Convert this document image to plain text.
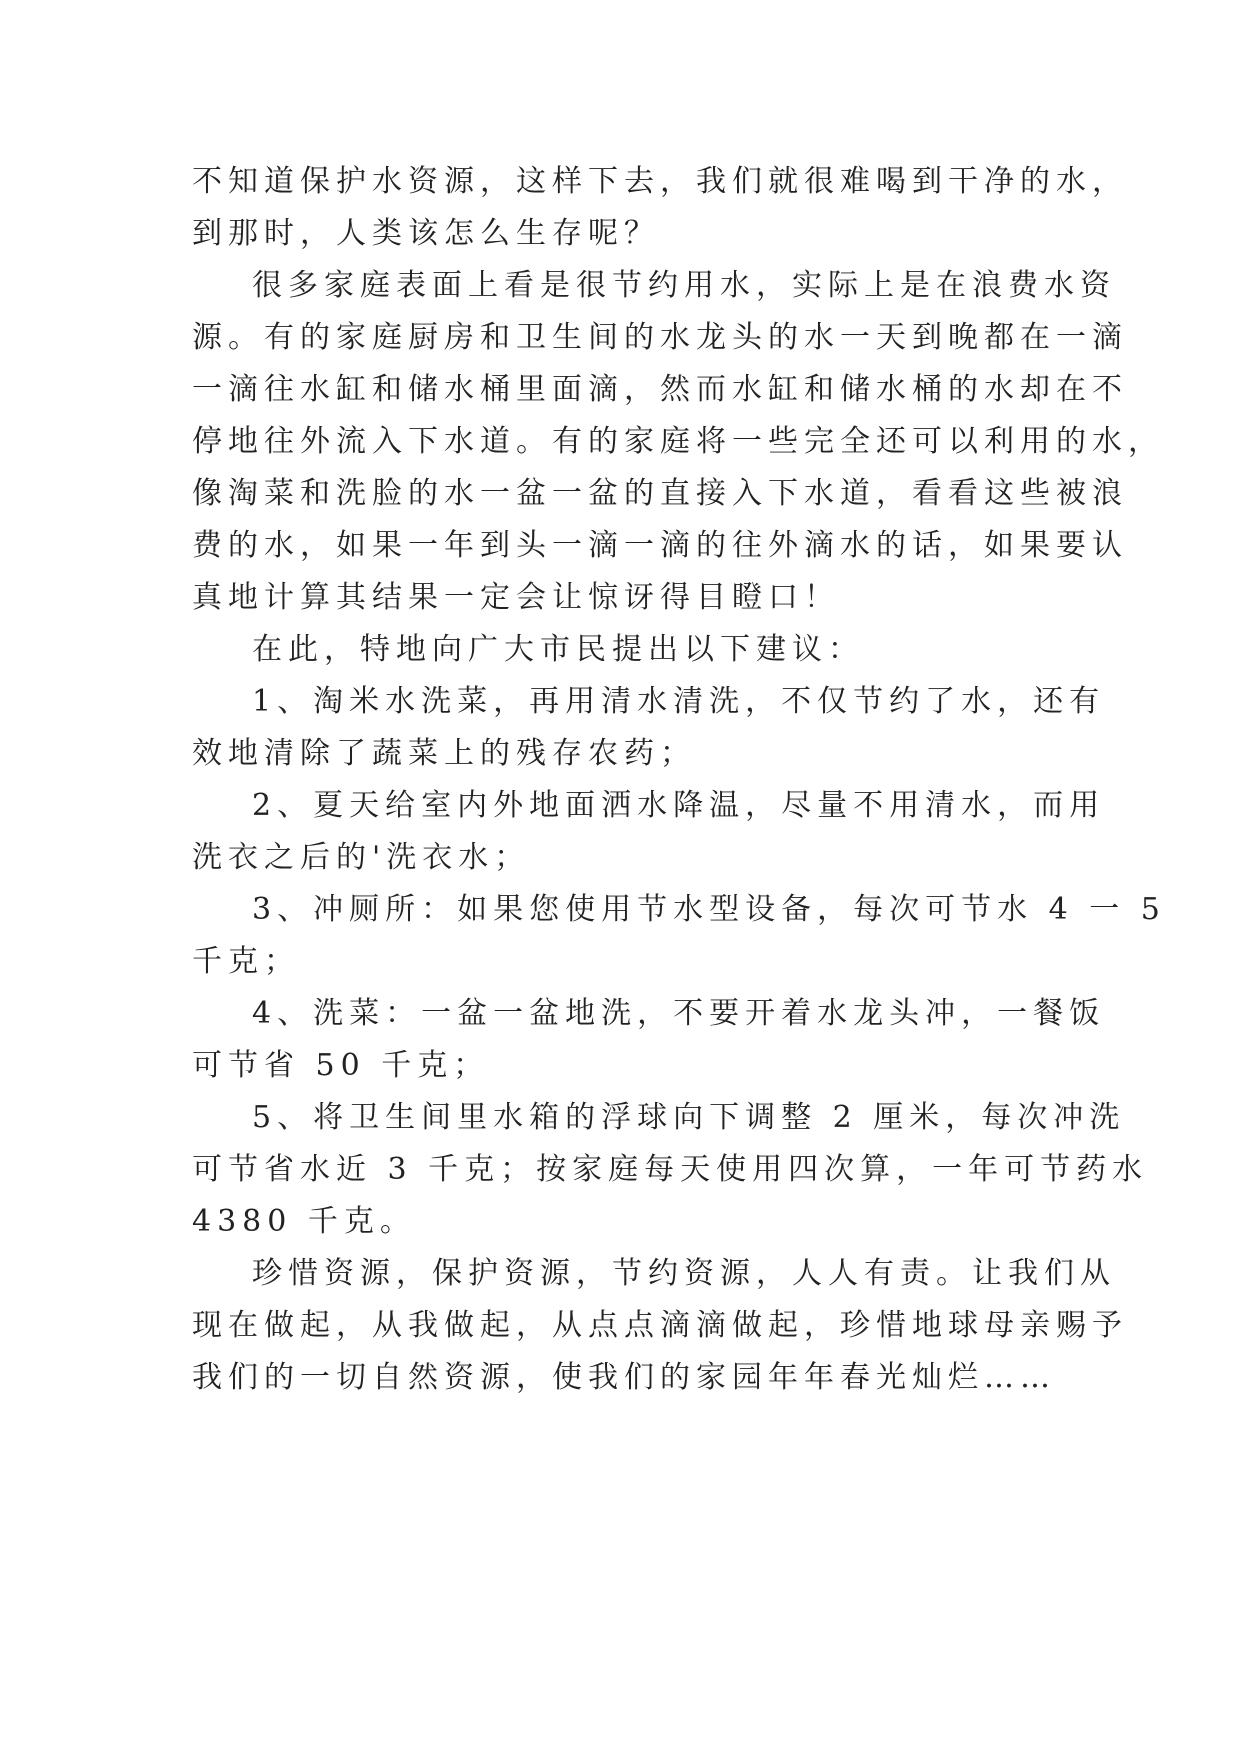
不知道保护水资源，这样下去，我们就很难喝到干净的水，
到那时，人类该怎么生存呢？
很多家庭表面上看是很节约用水，实际上是在浪费水资
源。有的家庭厨房和卫生间的水龙头的水一天到晚都在一滴
一滴往水缸和储水桶里面滴，然而水缸和储水桶的水却在不
停地往外流入下水道。有的家庭将一些完全还可以利用的水，
像淘菜和洗脸的水一盆一盆的直接入下水道，看看这些被浪
费的水，如果一年到头一滴一滴的往外滴水的话，如果要认
真地计算其结果一定会让惊讶得目瞪口！
在此，特地向广大市民提出以下建议：
1、淘米水洗菜，再用清水清洗，不仅节约了水，还有
效地清除了蔬菜上的残存农药；
2、夏天给室内外地面洒水降温，尽量不用清水，而用
洗衣之后的'洗衣水；
3、冲厕所：如果您使用节水型设备，每次可节水 4 一 5
千克；
4、洗菜：一盆一盆地洗，不要开着水龙头冲，一餐饭
可节省 50 千克；
5、将卫生间里水箱的浮球向下调整 2 厘米，每次冲洗
可节省水近 3 千克；按家庭每天使用四次算，一年可节药水
4380 千克。
珍惜资源，保护资源，节约资源，人人有责。让我们从
现在做起，从我做起，从点点滴滴做起，珍惜地球母亲赐予
我们的一切自然资源，使我们的家园年年春光灿烂……
